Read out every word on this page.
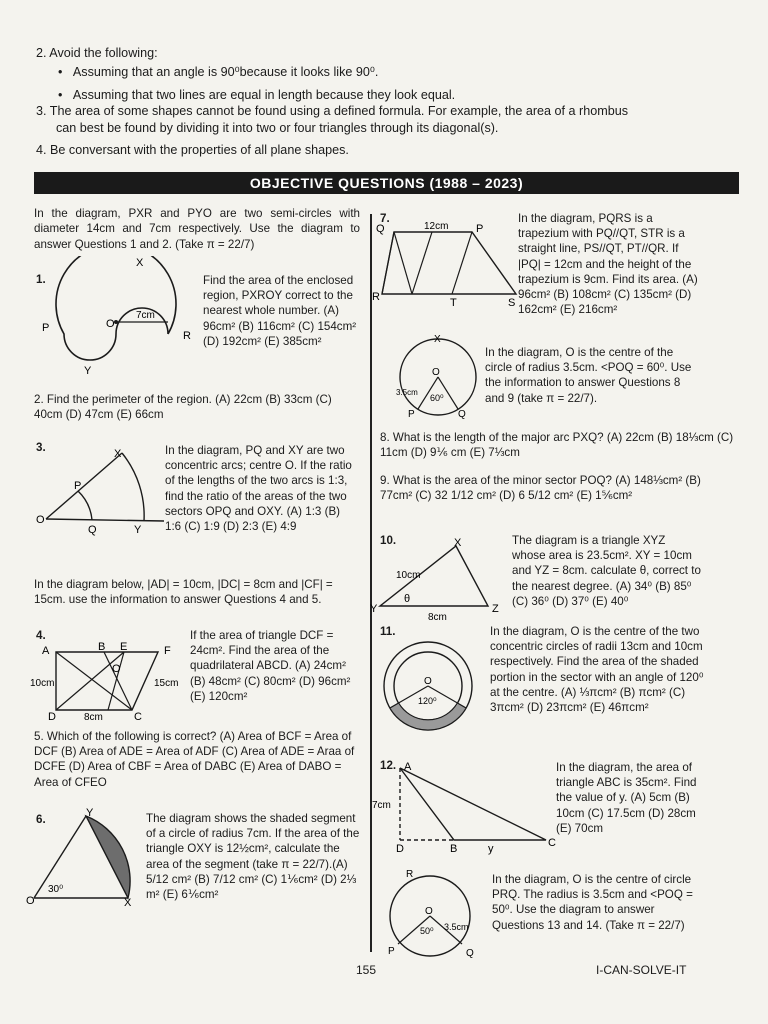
2. Avoid the following:
•   Assuming that an angle is 90⁰because it looks like 90⁰.
•   Assuming that two lines are equal in length because they look equal.
3. The area of some shapes cannot be found using a defined formula. For example, the area of a rhombus
can best be found by dividing it into two or four triangles through its diagonal(s).
4. Be conversant with the properties of all plane shapes.
OBJECTIVE QUESTIONS (1988 – 2023)
In the diagram, PXR and PYO are two semi-circles with diameter 14cm and 7cm respectively. Use the diagram to answer Questions 1 and 2. (Take π = 22/7)
1.
X
P	O
R
Y
7cm
Find the area of the enclosed region, PXROY correct to the nearest whole number. (A) 96cm² (B) 116cm² (C) 154cm² (D) 192cm² (E) 385cm²
2. Find the perimeter of the region. (A) 22cm (B) 33cm (C) 40cm (D) 47cm (E) 66cm
3.	X
P
O
Q	Y
In the diagram, PQ and XY are two concentric arcs; centre O. If the ratio of the lengths of the two arcs is 1:3, find the ratio of the areas of the two sectors OPQ and OXY. (A) 1:3 (B) 1:6 (C) 1:9 (D) 2:3 (E) 4:9
In the diagram below, |AD| = 10cm, |DC| = 8cm and |CF| = 15cm. use the information to answer Questions 4 and 5.
4.
A	B E	F
O
D	C
10cm
8cm
15cm
If the area of triangle DCF = 24cm². Find the area of the quadrilateral ABCD. (A) 24cm² (B) 48cm² (C) 80cm² (D) 96cm² (E) 120cm²
5. Which of the following is correct? (A) Area of BCF = Area of DCF (B) Area of ADE = Area of ADF (C) Area of ADE = Araa of DCFE (D) Area of CBF = Area of DABC (E) Area of DABO = Area of CFEO
6.	Y
O	X
30⁰
The diagram shows the shaded segment of a circle of radius 7cm. If the area of the triangle OXY is 12½cm², calculate the area of the segment (take π = 22/7).(A) 5/12 cm² (B) 7/12 cm² (C) 1⅙cm² (D) 2⅓ m² (E) 6⅙cm²
7.
Q	P
R	T	S
12cm
In the diagram, PQRS is a trapezium with PQ//QT, STR is a straight line, PS//QT, PT//QR. If |PQ| = 12cm and the height of the trapezium is 9cm. Find its area. (A) 96cm² (B) 108cm² (C) 135cm² (D) 162cm² (E) 216cm²
X
O
P	Q
3.5cm
60⁰
In the diagram, O is the centre of the circle of radius 3.5cm. <POQ = 60⁰. Use the information to answer Questions 8 and 9 (take π = 22/7).
8. What is the length of the major arc PXQ? (A) 22cm (B) 18⅓cm (C) 11cm (D) 9⅙ cm (E) 7⅓cm
9. What is the area of the minor sector POQ? (A) 148⅓cm² (B) 77cm² (C) 32 1/12 cm² (D) 6 5/12 cm² (E) 1⅚cm²
10.	X
Y	Z
10cm
8cm
θ
The diagram is a triangle XYZ whose area is 23.5cm². XY = 10cm and YZ = 8cm. calculate θ, correct to the nearest degree. (A) 34⁰ (B) 85⁰ (C) 36⁰ (D) 37⁰ (E) 40⁰
11.
O
120⁰
In the diagram, O is the centre of the two concentric circles of radii 13cm and 10cm respectively. Find the area of the shaded portion in the sector with an angle of 120⁰ at the centre. (A) ⅓πcm² (B) πcm² (C) 3πcm² (D) 23πcm² (E) 46πcm²
12. A
B	C
D
7cm
y
In the diagram, the area of triangle ABC is 35cm². Find the value of y. (A) 5cm (B) 10cm (C) 17.5cm (D) 28cm (E) 70cm
R
O
P	Q
3.5cm
50⁰
In the diagram, O is the centre of circle PRQ. The radius is 3.5cm and <POQ = 50⁰. Use the diagram to answer Questions 13 and 14. (Take π = 22/7)
155	I-CAN-SOLVE-IT
